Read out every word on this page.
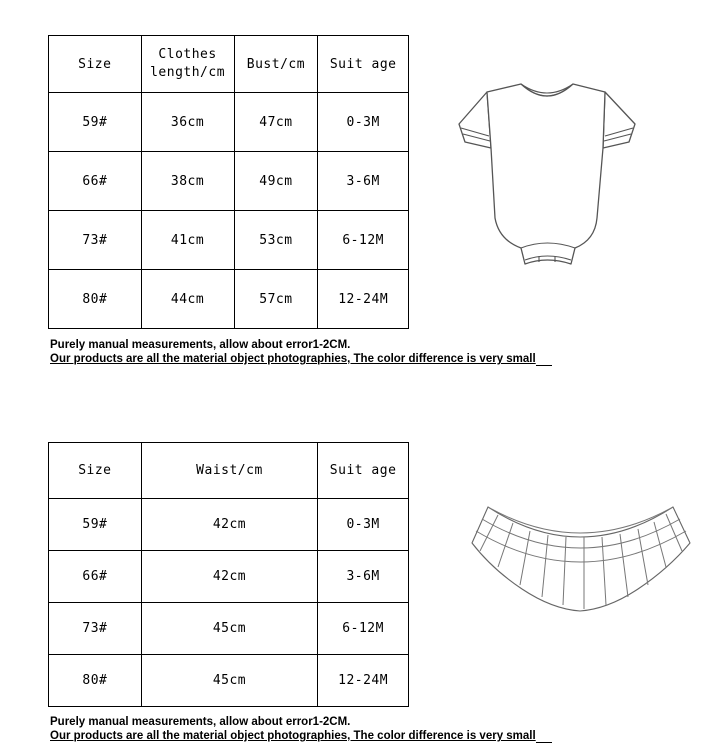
Size	Clothes length/cm	Bust/cm	Suit age
59#	36cm	47cm	0-3M
66#	38cm	49cm	3-6M
73#	41cm	53cm	6-12M
80#	44cm	57cm	12-24M
Purely manual measurements, allow about error1-2CM.
Our products are all the material object photographies, The color difference is very small
Size	Waist/cm	Suit age
59#	42cm	0-3M
66#	42cm	3-6M
73#	45cm	6-12M
80#	45cm	12-24M
Purely manual measurements, allow about error1-2CM.
Our products are all the material object photographies, The color difference is very small
